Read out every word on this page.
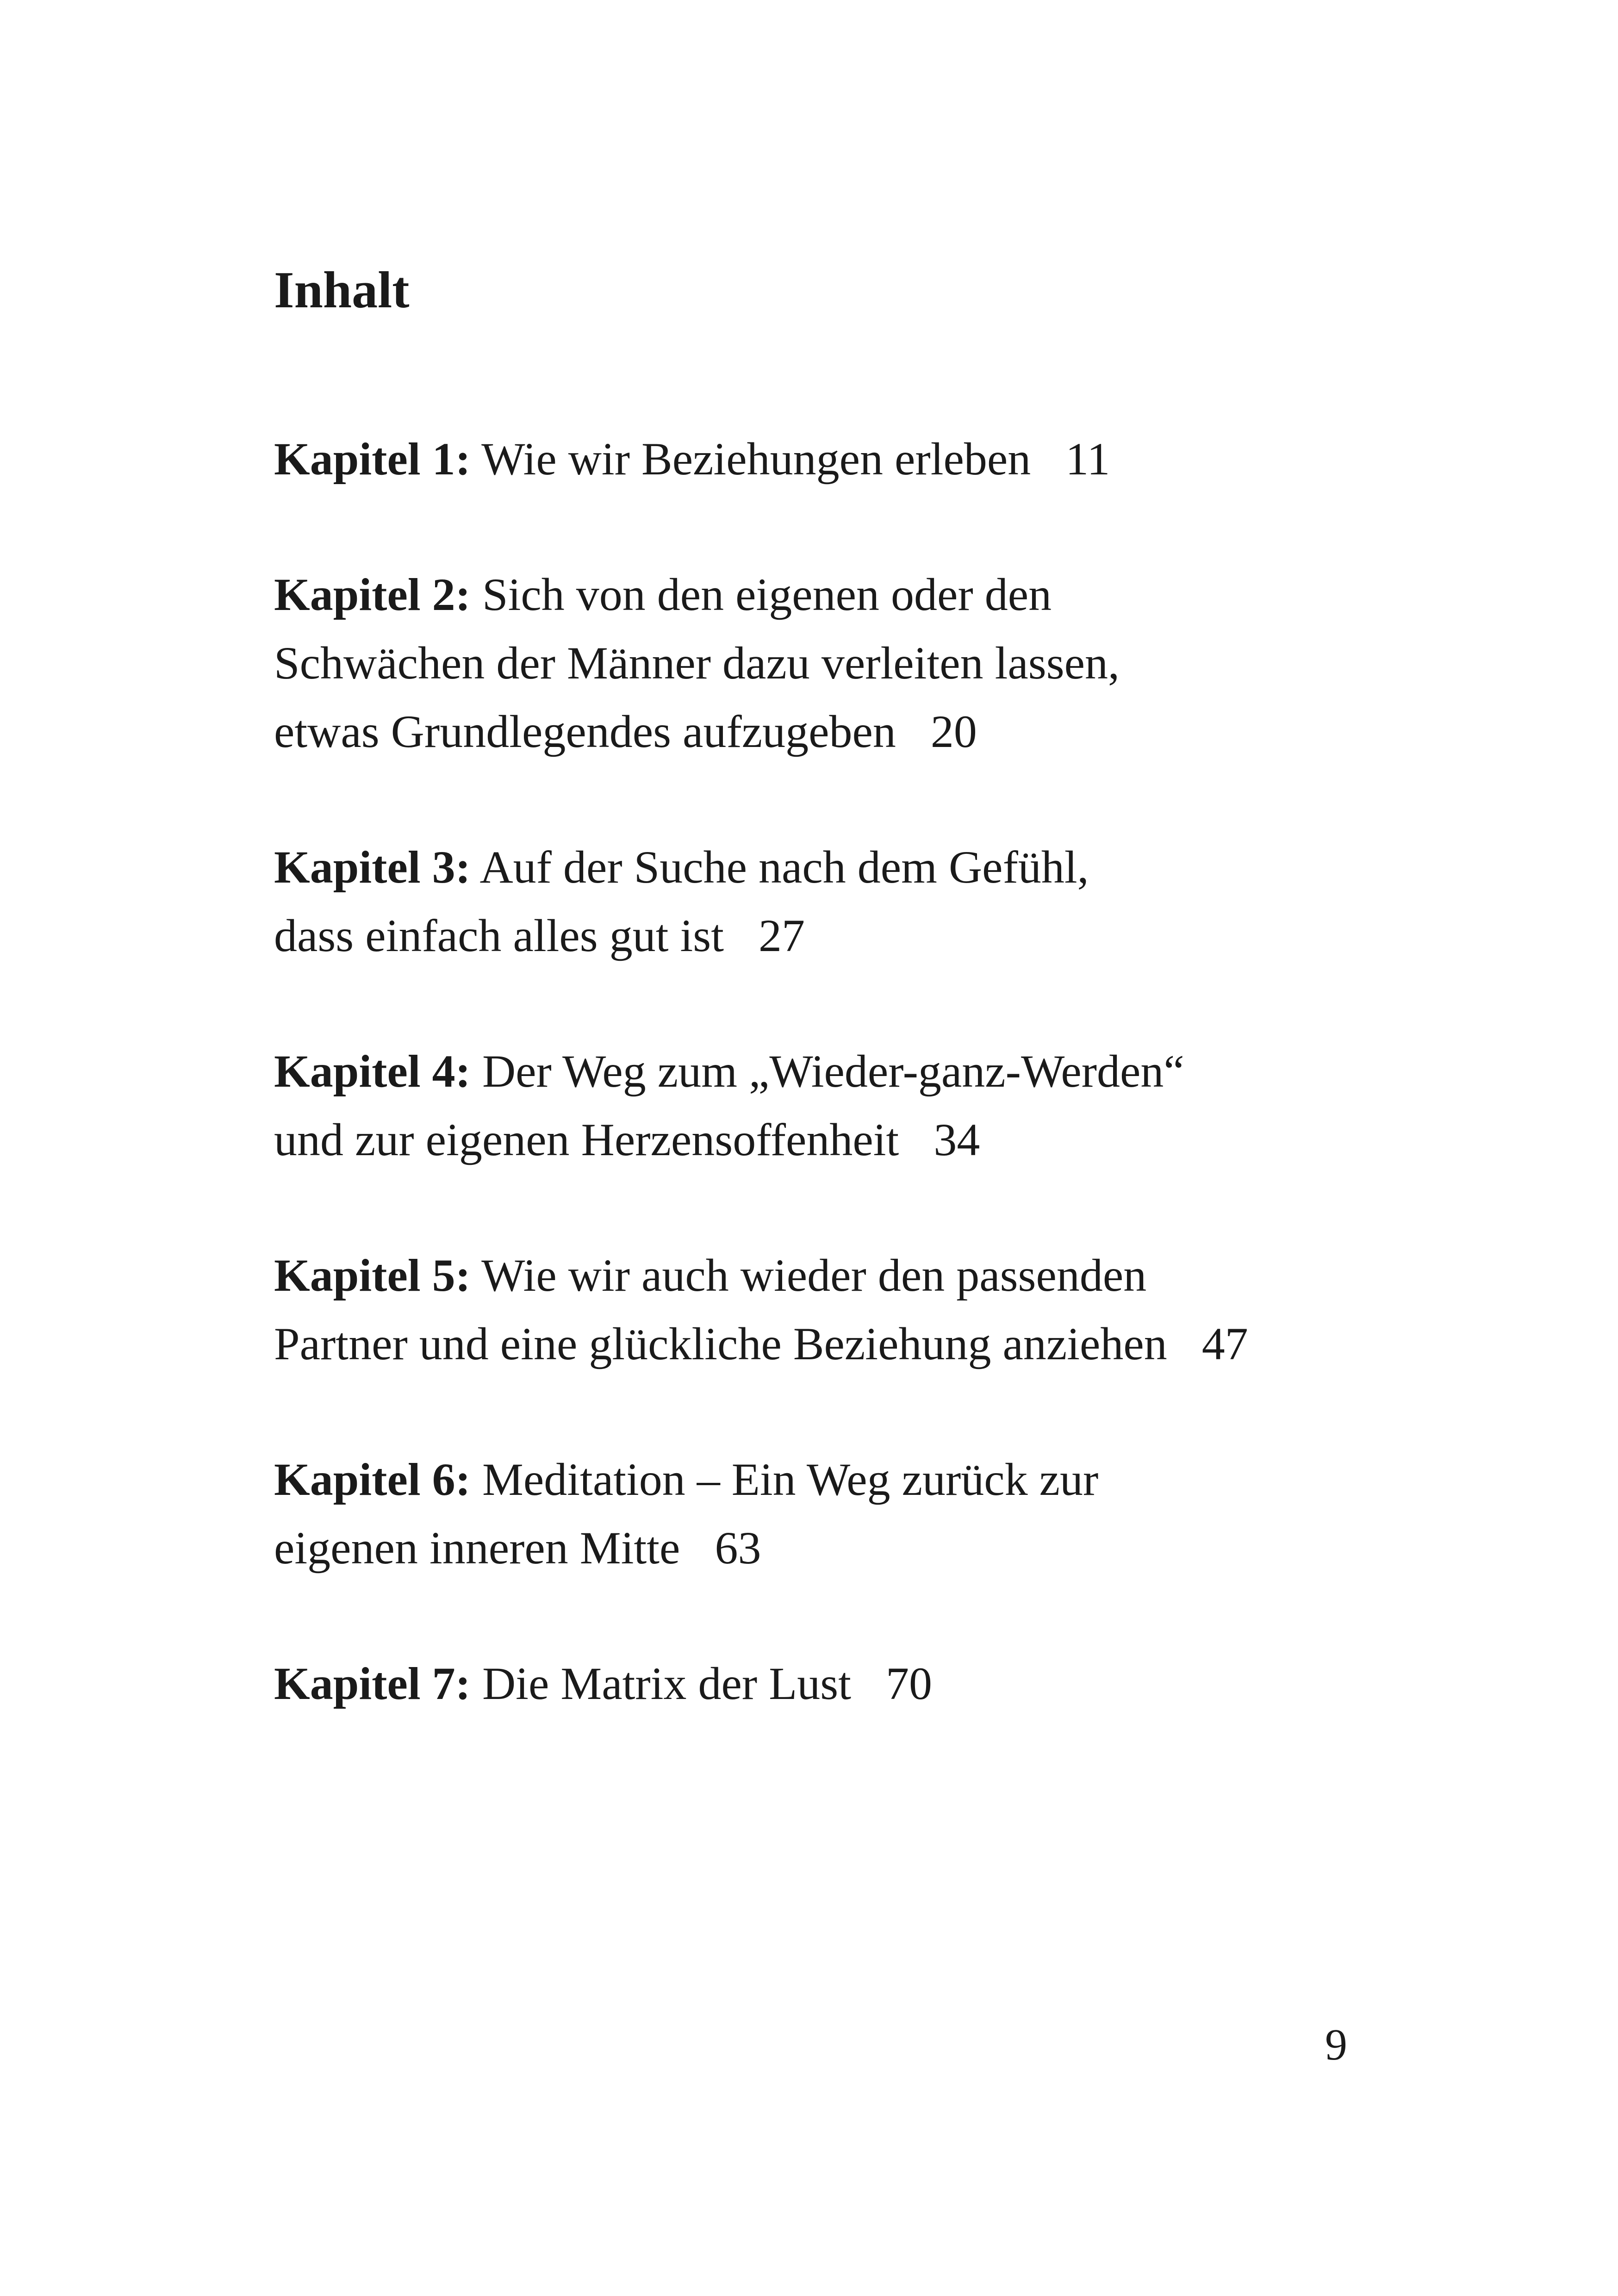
Inhalt
Kapitel 1: Wie wir Beziehungen erleben 11
Kapitel 2: Sich von den eigenen oder den
Schwächen der Männer dazu verleiten lassen,
etwas Grundlegendes aufzugeben 20
Kapitel 3: Auf der Suche nach dem Gefühl,
dass einfach alles gut ist 27
Kapitel 4: Der Weg zum „Wieder-ganz-Werden“
und zur eigenen Herzensoffenheit 34
Kapitel 5: Wie wir auch wieder den passenden
Partner und eine glückliche Beziehung anziehen 47
Kapitel 6: Meditation – Ein Weg zurück zur
eigenen inneren Mitte 63
Kapitel 7: Die Matrix der Lust 70
9
